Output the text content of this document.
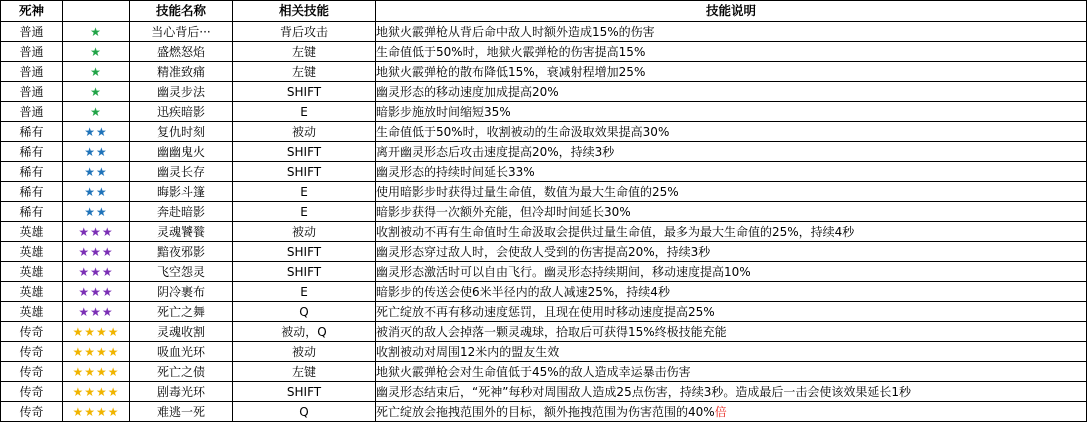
死神		技能名称	相关技能	技能说明
普通	★	当心背后···	背后攻击	地狱火霰弹枪从背后命中敌人时额外造成15%的伤害
普通	★	盛燃怒焰	左键	生命值低于50%时，地狱火霰弹枪的伤害提高15%
普通	★	精准致痛	左键	地狱火霰弹枪的散布降低15%，衰减射程增加25%
普通	★	幽灵步法	SHIFT	幽灵形态的移动速度加成提高20%
普通	★	迅疾暗影	E	暗影步施放时间缩短35%
稀有	★★	复仇时刻	被动	生命值低于50%时，收割被动的生命汲取效果提高30%
稀有	★★	幽幽鬼火	SHIFT	离开幽灵形态后攻击速度提高20%，持续3秒
稀有	★★	幽灵长存	SHIFT	幽灵形态的持续时间延长33%
稀有	★★	晦影斗篷	E	使用暗影步时获得过量生命值，数值为最大生命值的25%
稀有	★★	奔赴暗影	E	暗影步获得一次额外充能，但冷却时间延长30%
英雄	★★★	灵魂饕餮	被动	收割被动不再有生命值时生命汲取会提供过量生命值，最多为最大生命值的25%，持续4秒
英雄	★★★	黯夜邪影	SHIFT	幽灵形态穿过敌人时，会使敌人受到的伤害提高20%，持续3秒
英雄	★★★	飞空怨灵	SHIFT	幽灵形态激活时可以自由飞行。幽灵形态持续期间，移动速度提高10%
英雄	★★★	阴冷裹布	E	暗影步的传送会使6米半径内的敌人减速25%，持续4秒
英雄	★★★	死亡之舞	Q	死亡绽放不再有移动速度惩罚，且现在使用时移动速度提高25%
传奇	★★★★	灵魂收割	被动，Q	被消灭的敌人会掉落一颗灵魂球，拾取后可获得15%终极技能充能
传奇	★★★★	吸血光环	被动	收割被动对周围12米内的盟友生效
传奇	★★★★	死亡之债	左键	地狱火霰弹枪会对生命值低于45%的敌人造成幸运暴击伤害
传奇	★★★★	剧毒光环	SHIFT	幽灵形态结束后，“死神”每秒对周围敌人造成25点伤害，持续3秒。造成最后一击会使该效果延长1秒
传奇	★★★★	难逃一死	Q	死亡绽放会拖拽范围外的目标，额外拖拽范围为伤害范围的40%倍
